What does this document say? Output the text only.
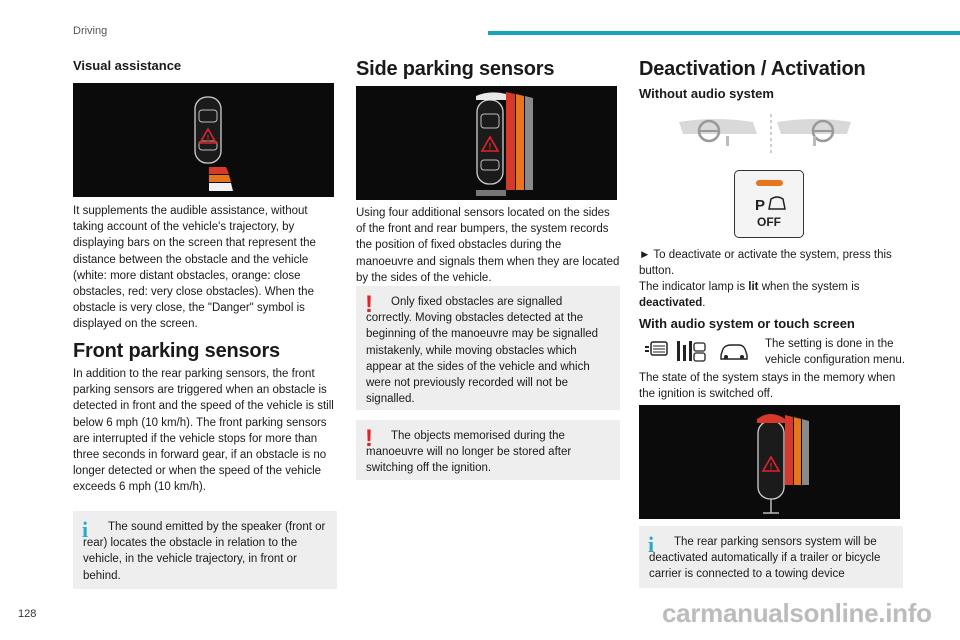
Driving
Visual assistance
!
It supplements the audible assistance, without taking account of the vehicle's trajectory, by displaying bars on the screen that represent the distance between the obstacle and the vehicle (white: more distant obstacles, orange: close obstacles, red: very close obstacles). When the obstacle is very close, the "Danger" symbol is displayed on the screen.
Front parking sensors
In addition to the rear parking sensors, the front parking sensors are triggered when an obstacle is detected in front and the speed of the vehicle is still below 6 mph (10 km/h). The front parking sensors are interrupted if the vehicle stops for more than three seconds in forward gear, if an obstacle is no longer detected or when the speed of the vehicle exceeds 6 mph (10 km/h).
i	The sound emitted by the speaker (front or rear) locates the obstacle in relation to the vehicle, in the vehicle trajectory, in front or behind.
Side parking sensors
!
Using four additional sensors located on the sides of the front and rear bumpers, the system records the position of fixed obstacles during the manoeuvre and signals them when they are located by the sides of the vehicle.
!	Only fixed obstacles are signalled correctly. Moving obstacles detected at the beginning of the manoeuvre may be signalled mistakenly, while moving obstacles which appear at the sides of the vehicle and which were not previously recorded will not be signalled.
!	The objects memorised during the manoeuvre will no longer be stored after switching off the ignition.
Deactivation / Activation
Without audio system
P
OFF
► To deactivate or activate the system, press this button.
The indicator lamp is lit when the system is deactivated.
With audio system or touch screen
The setting is done in the vehicle configuration menu.
The state of the system stays in the memory when the ignition is switched off.
!
i	The rear parking sensors system will be deactivated automatically if a trailer or bicycle carrier is connected to a towing device
128	carmanualsonline.info
